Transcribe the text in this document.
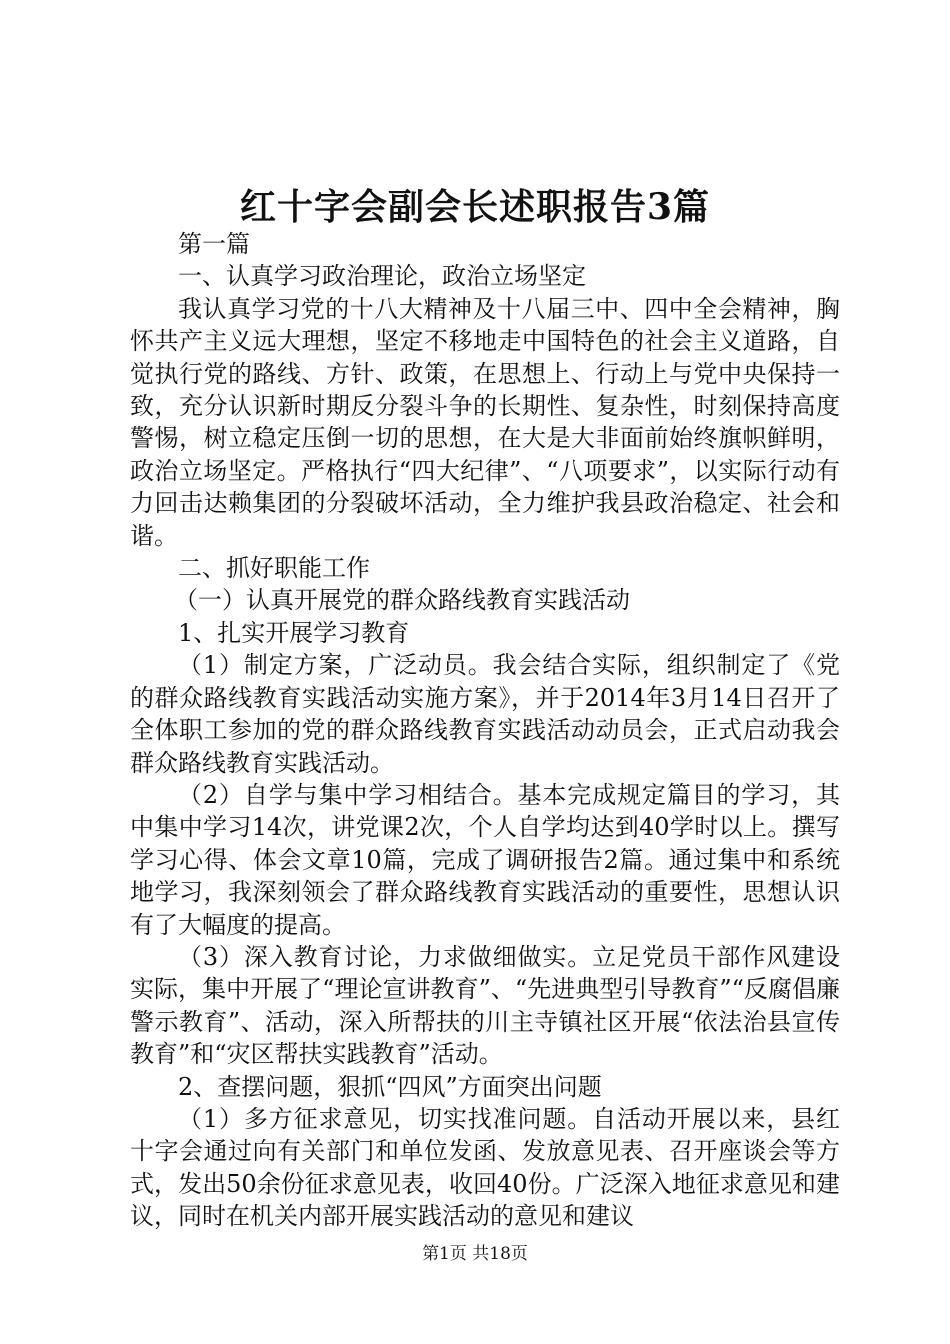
红十字会副会长述职报告3篇

第一篇

一、认真学习政治理论，政治立场坚定

我认真学习党的十八大精神及十八届三中、四中全会精神，胸怀共产主义远大理想，坚定不移地走中国特色的社会主义道路，自觉执行党的路线、方针、政策，在思想上、行动上与党中央保持一致，充分认识新时期反分裂斗争的长期性、复杂性，时刻保持高度警惕，树立稳定压倒一切的思想，在大是大非面前始终旗帜鲜明，政治立场坚定。严格执行“四大纪律”、“八项要求”，以实际行动有力回击达赖集团的分裂破坏活动，全力维护我县政治稳定、社会和谐。

二、抓好职能工作

（一）认真开展党的群众路线教育实践活动

1、扎实开展学习教育

（1）制定方案，广泛动员。我会结合实际，组织制定了《党的群众路线教育实践活动实施方案》，并于2014年3月14日召开了全体职工参加的党的群众路线教育实践活动动员会，正式启动我会群众路线教育实践活动。

（2）自学与集中学习相结合。基本完成规定篇目的学习，其中集中学习14次，讲党课2次，个人自学均达到40学时以上。撰写学习心得、体会文章10篇，完成了调研报告2篇。通过集中和系统地学习，我深刻领会了群众路线教育实践活动的重要性，思想认识有了大幅度的提高。

（3）深入教育讨论，力求做细做实。立足党员干部作风建设实际，集中开展了“理论宣讲教育”、“先进典型引导教育”“反腐倡廉警示教育”、活动，深入所帮扶的川主寺镇社区开展“依法治县宣传教育”和“灾区帮扶实践教育”活动。

2、查摆问题，狠抓“四风”方面突出问题

（1）多方征求意见，切实找准问题。自活动开展以来，县红十字会通过向有关部门和单位发函、发放意见表、召开座谈会等方式，发出50余份征求意见表，收回40份。广泛深入地征求意见和建议，同时在机关内部开展实践活动的意见和建议

第1页 共18页
